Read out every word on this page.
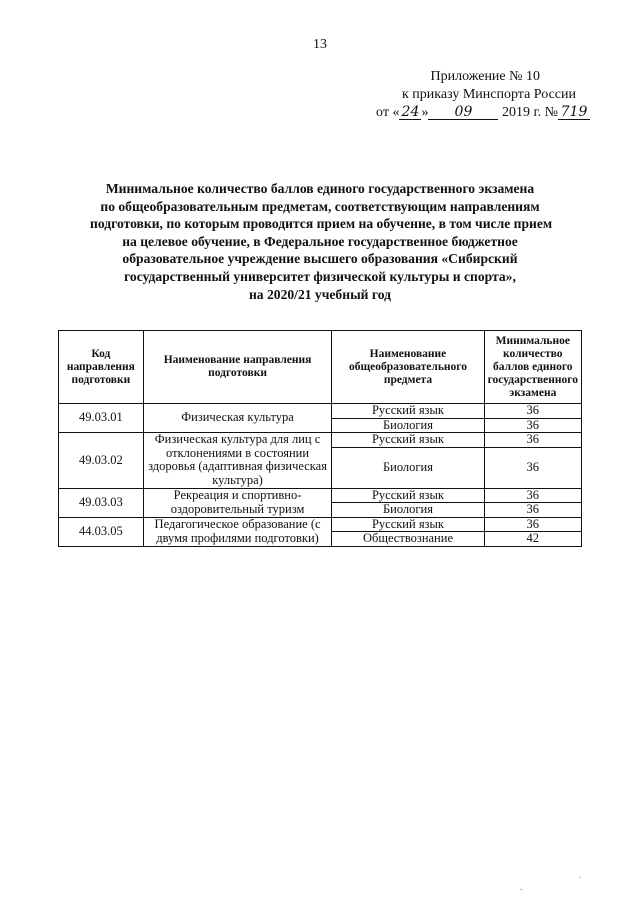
13
Приложение № 10
к приказу Минспорта России
от « 24 » 09 2019 г. № 719
Минимальное количество баллов единого государственного экзамена
по общеобразовательным предметам, соответствующим направлениям
подготовки, по которым проводится прием на обучение, в том числе прием
на целевое обучение, в Федеральное государственное бюджетное
образовательное учреждение высшего образования «Сибирский
государственный университет физической культуры и спорта»,
на 2020/21 учебный год
Код направления подготовки	Наименование направления подготовки	Наименование общеобразовательного предмета	Минимальное количество баллов единого государственного экзамена
49.03.01	Физическая культура	Русский язык	36
		Биология	36
49.03.02	Физическая культура для лиц с отклонениями в состоянии здоровья (адаптивная физическая культура)	Русский язык	36
		Биология	36
49.03.03	Рекреация и спортивно-оздоровительный туризм	Русский язык	36
		Биология	36
44.03.05	Педагогическое образование (с двумя профилями подготовки)	Русский язык	36
		Обществознание	42
.
˙
